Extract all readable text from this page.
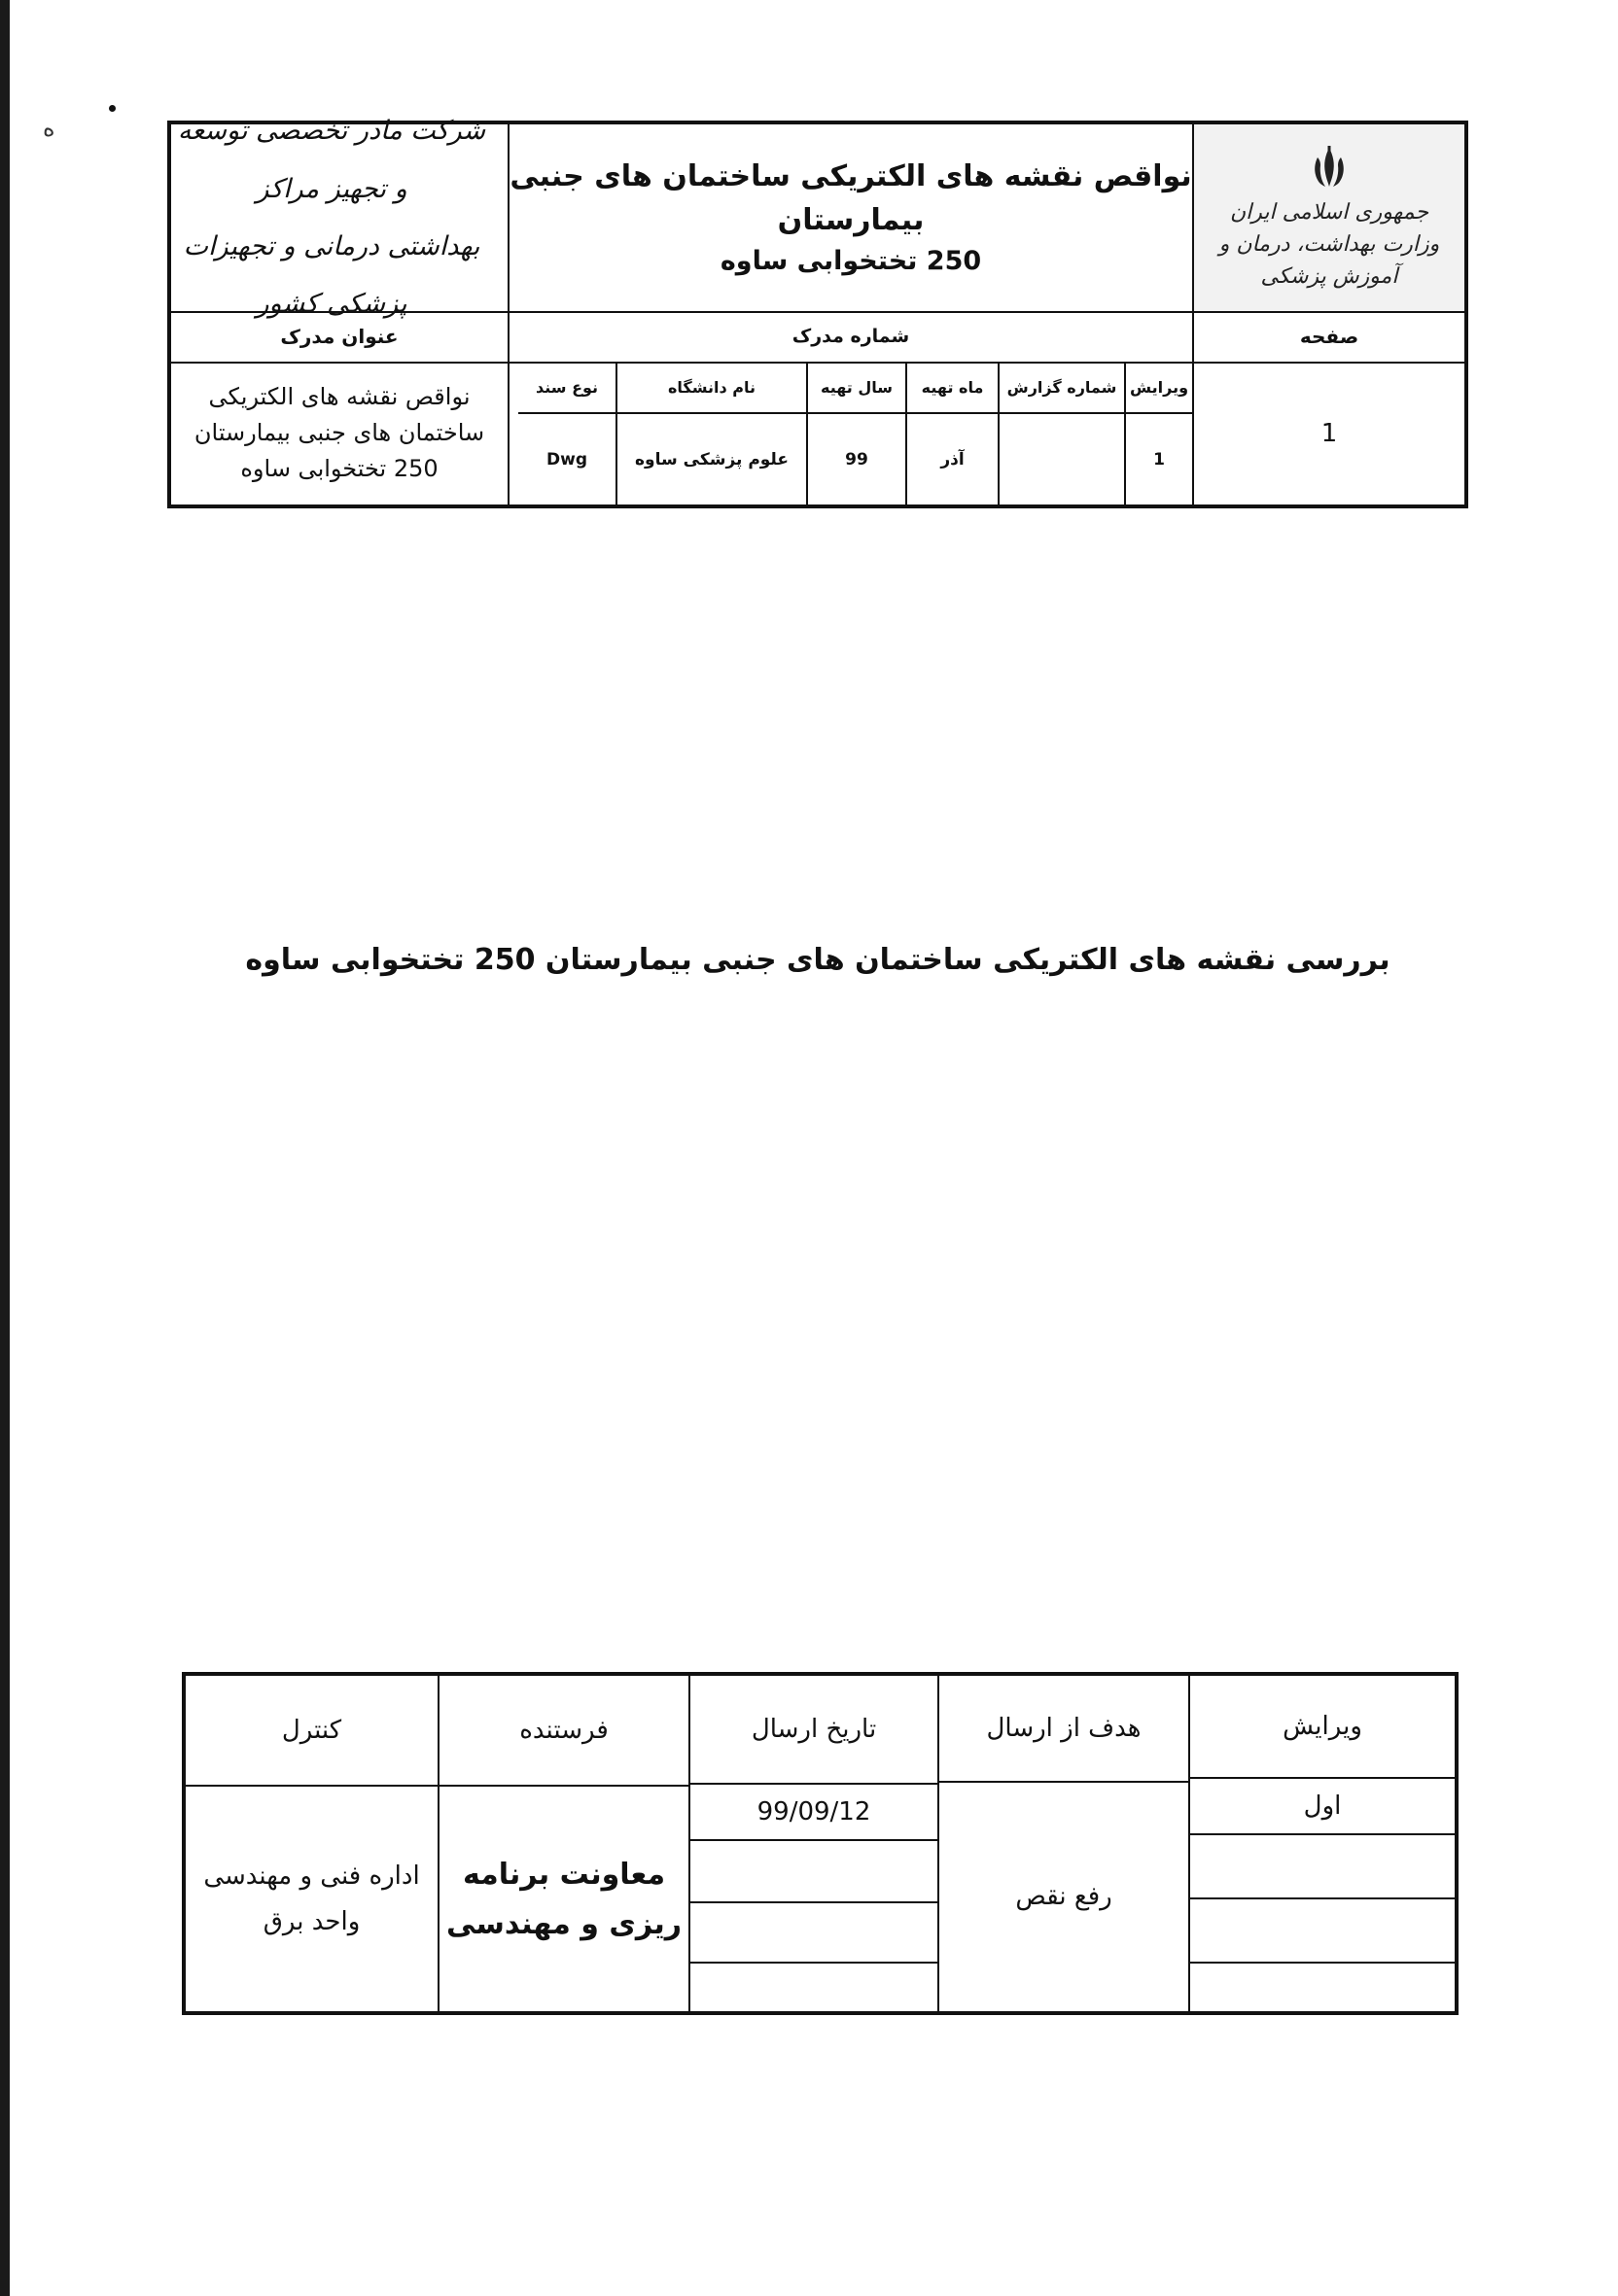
ه
جمهوری اسلامی ایران
وزارت بهداشت، درمان و آموزش پزشکی
نواقص نقشه های الکتریکی ساختمان های جنبی بیمارستان
250 تختخوابی ساوه
شرکت مادر تخصصی توسعه و تجهیز مراکز
بهداشتی درمانی و تجهیزات پزشکی کشور
صفحه
شماره مدرک
عنوان مدرک
1
ویرایش
شماره گزارش
ماه تهیه
سال تهیه
نام دانشگاه
نوع سند
1
آذر
99
علوم پزشکی ساوه
Dwg
نواقص نقشه های الکتریکی
ساختمان های جنبی بیمارستان
250 تختخوابی ساوه
بررسی نقشه های الکتریکی ساختمان های جنبی بیمارستان 250 تختخوابی ساوه
ویرایش
اول
هدف از ارسال
رفع نقص
تاریخ ارسال
99/09/12
فرستنده
معاونت برنامه
ریزی و مهندسی
کنترل
اداره فنی و مهندسی
واحد برق
